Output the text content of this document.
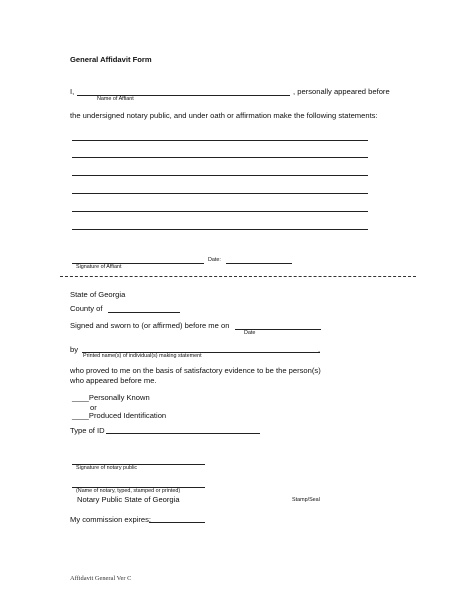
General Affidavit Form
I,	, personally appeared before
Name of Affiant
the undersigned notary public, and under oath or affirmation make the following statements:
Date:
Signature of Affiant
State of Georgia
County of
Signed and sworn to (or affirmed) before me on
Date
by	,
Printed name(s) of individual(s) making statement
who proved to me on the basis of satisfactory evidence to be the person(s)
who appeared before me.
____Personally Known
or
____Produced Identification
Type of ID
Signature of notary public
(Name of notary, typed, stamped or printed)
Notary Public State of Georgia	Stamp/Seal
My commission expires:
Affidavit General Ver C
